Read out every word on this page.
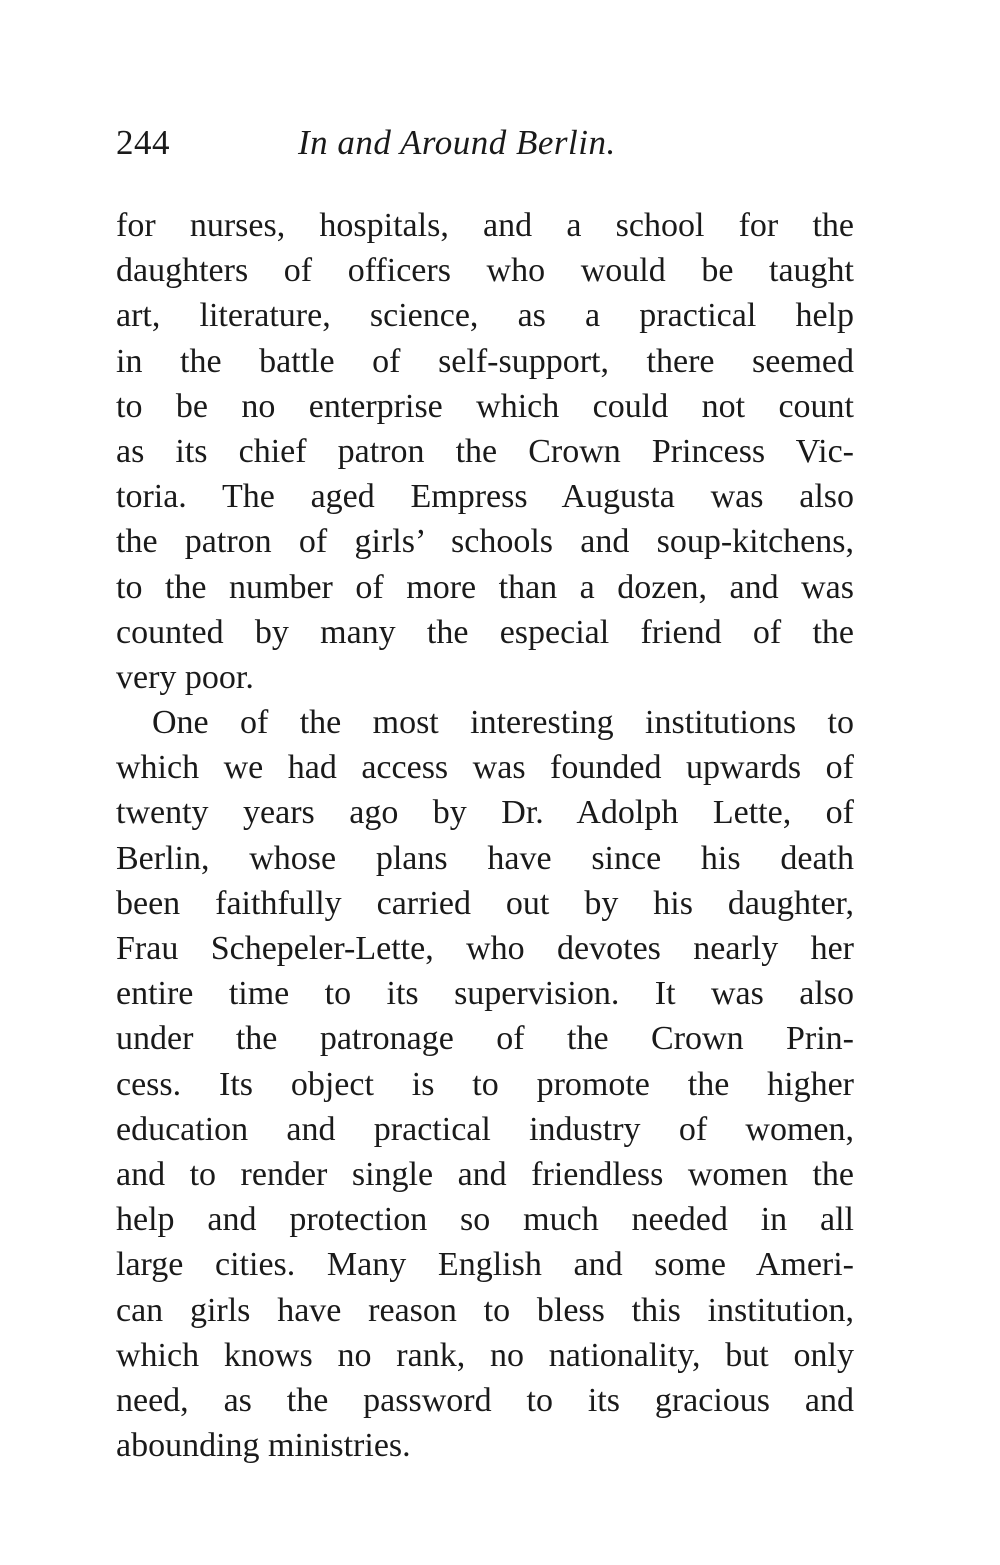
244	In and Around Berlin.
for nurses, hospitals, and a school for the
daughters of officers who would be taught
art, literature, science, as a practical help
in the battle of self-support, there seemed
to be no enterprise which could not count
as its chief patron the Crown Princess Vic-
toria. The aged Empress Augusta was also
the patron of girls’ schools and soup-kitchens,
to the number of more than a dozen, and was
counted by many the especial friend of the
very poor.
One of the most interesting institutions to
which we had access was founded upwards of
twenty years ago by Dr. Adolph Lette, of
Berlin, whose plans have since his death
been faithfully carried out by his daughter,
Frau Schepeler-Lette, who devotes nearly her
entire time to its supervision. It was also
under the patronage of the Crown Prin-
cess. Its object is to promote the higher
education and practical industry of women,
and to render single and friendless women the
help and protection so much needed in all
large cities. Many English and some Ameri-
can girls have reason to bless this institution,
which knows no rank, no nationality, but only
need, as the password to its gracious and
abounding ministries.
